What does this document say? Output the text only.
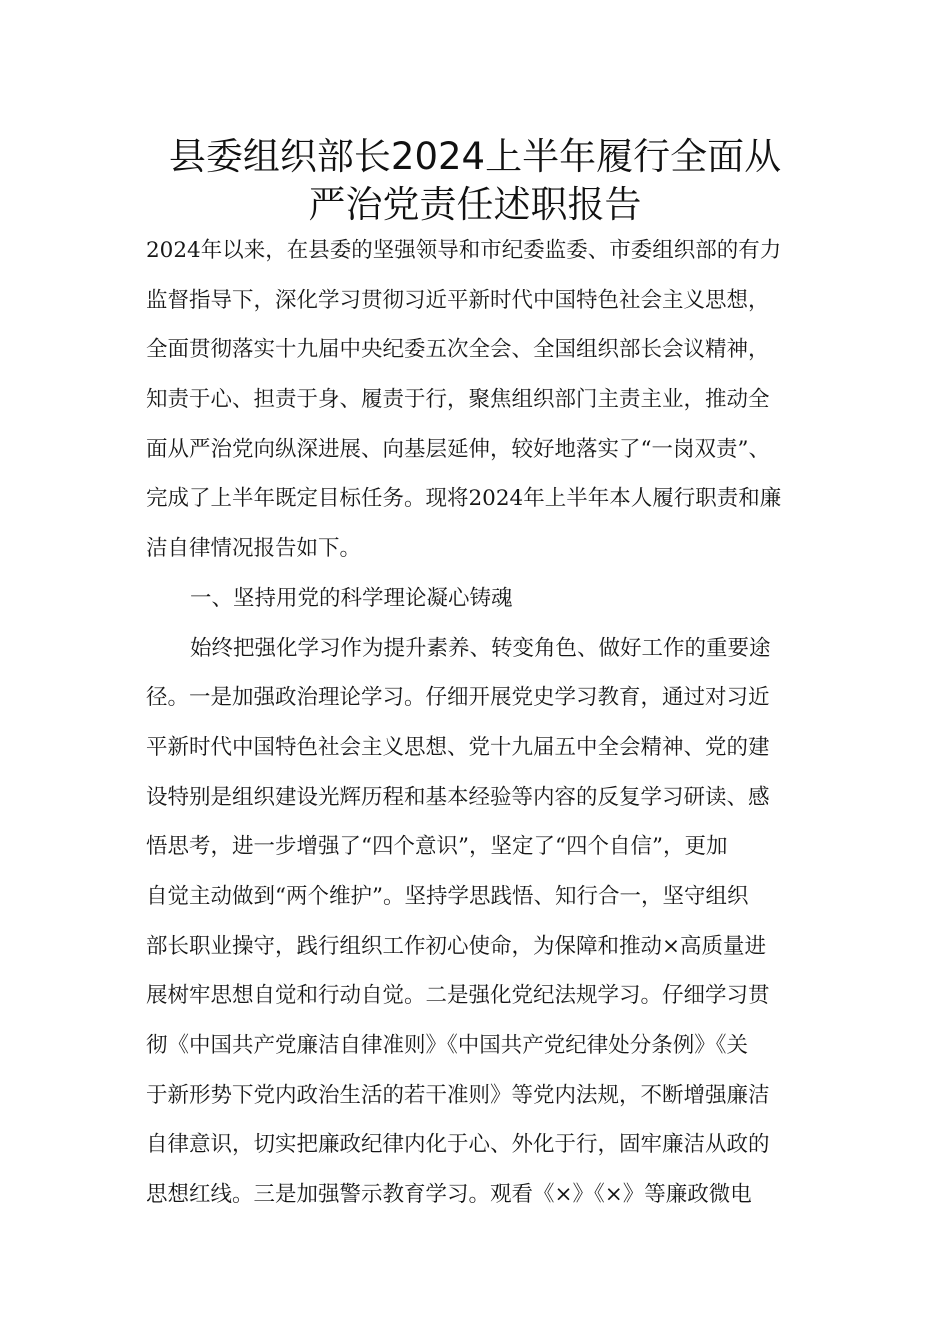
县委组织部长2024上半年履行全面从
严治党责任述职报告
2024年以来，在县委的坚强领导和市纪委监委、市委组织部的有力
监督指导下，深化学习贯彻习近平新时代中国特色社会主义思想，
全面贯彻落实十九届中央纪委五次全会、全国组织部长会议精神，
知责于心、担责于身、履责于行，聚焦组织部门主责主业，推动全
面从严治党向纵深进展、向基层延伸，较好地落实了“一岗双责”、
完成了上半年既定目标任务。现将2024年上半年本人履行职责和廉
洁自律情况报告如下。
一、坚持用党的科学理论凝心铸魂
始终把强化学习作为提升素养、转变角色、做好工作的重要途
径。一是加强政治理论学习。仔细开展党史学习教育，通过对习近
平新时代中国特色社会主义思想、党十九届五中全会精神、党的建
设特别是组织建设光辉历程和基本经验等内容的反复学习研读、感
悟思考，进一步增强了“四个意识”，坚定了“四个自信”，更加
自觉主动做到“两个维护”。坚持学思践悟、知行合一，坚守组织
部长职业操守，践行组织工作初心使命，为保障和推动×高质量进
展树牢思想自觉和行动自觉。二是强化党纪法规学习。仔细学习贯
彻《中国共产党廉洁自律准则》《中国共产党纪律处分条例》《关
于新形势下党内政治生活的若干准则》等党内法规，不断增强廉洁
自律意识，切实把廉政纪律内化于心、外化于行，固牢廉洁从政的
思想红线。三是加强警示教育学习。观看《×》《×》等廉政微电
